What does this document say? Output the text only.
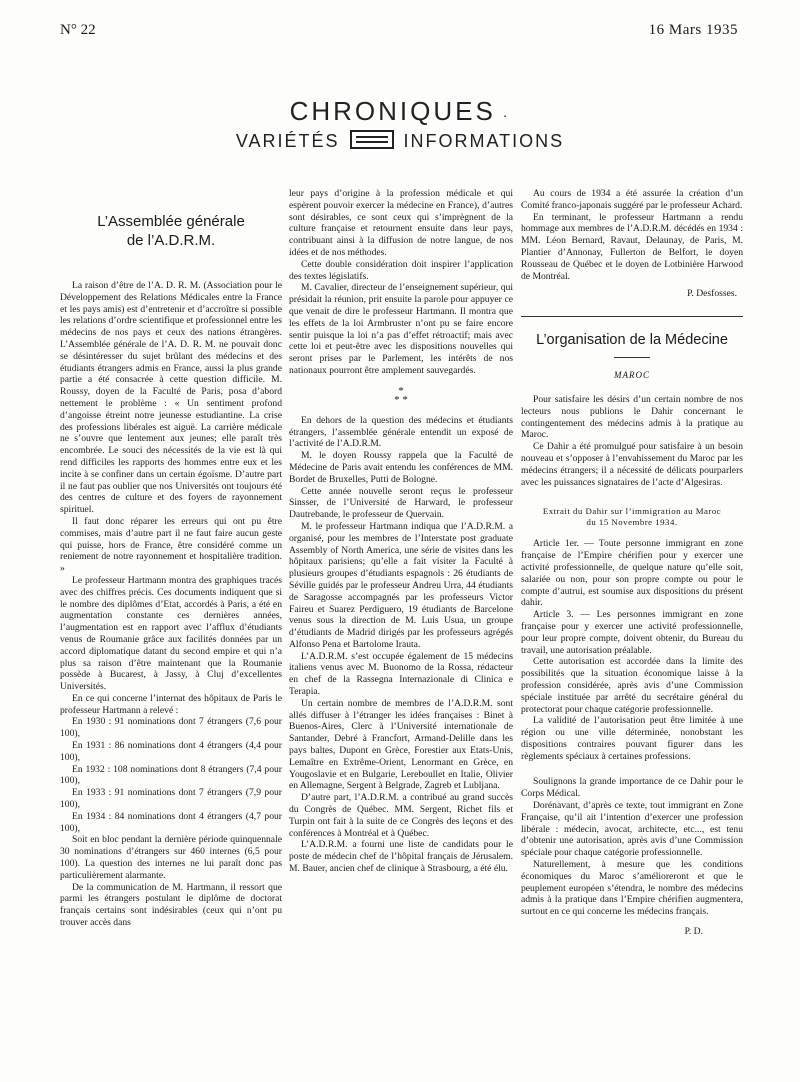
N° 22	16 Mars 1935
CHRONIQUES ·
VARIÉTÉS	INFORMATIONS
L’Assemblée générale
de l’A.D.R.M.

La raison d’être de l’A. D. R. M. (Association pour le Développement des Relations Médicales entre la France et les pays amis) est d’entretenir et d’accroître si possible les relations d’ordre scientifique et professionnel entre les médecins de nos pays et ceux des nations étrangères. L’Assemblée générale de l’A. D. R. M. ne pouvait donc se désintéresser du sujet brûlant des médecins et des étudiants étrangers admis en France, aussi la plus grande partie a été consacrée à cette question difficile. M. Roussy, doyen de la Faculté de Paris, posa d’abord nettement le problème : « Un sentiment profond d’angoisse étreint notre jeunesse estudiantine. La crise des professions libérales est aiguë. La carrière médicale ne s’ouvre que lentement aux jeunes; elle paraît très encombrée. Le souci des nécessités de la vie est là qui rend difficiles les rapports des hommes entre eux et les incite à se confiner dans un certain égoïsme. D’autre part il ne faut pas oublier que nos Universités ont toujours été des centres de culture et des foyers de rayonnement spirituel.

Il faut donc réparer les erreurs qui ont pu être commises, mais d’autre part il ne faut faire aucun geste qui puisse, hors de France, être considéré comme un reniement de notre rayonnement et hospitalière tradition. »

Le professeur Hartmann montra des graphiques tracés avec des chiffres précis. Ces documents indiquent que si le nombre des diplômes d’Etat, accordés à Paris, a été en augmentation constante ces dernières années, l’augmentation est en rapport avec l’afflux d’étudiants venus de Roumanie grâce aux facilités données par un accord diplomatique datant du second empire et qui n’a plus sa raison d’être maintenant que la Roumanie possède à Bucarest, à Jassy, à Cluj d’excellentes Universités.

En ce qui concerne l’internat des hôpitaux de Paris le professeur Hartmann a relevé :

En 1930 : 91 nominations dont 7 étrangers (7,6 pour 100),

En 1931 : 86 nominations dont 4 étrangers (4,4 pour 100),

En 1932 : 108 nominations dont 8 étrangers (7,4 pour 100),

En 1933 : 91 nominations dont 7 étrangers (7,9 pour 100),

En 1934 : 84 nominations dont 4 étrangers (4,7 pour 100),

Soit en bloc pendant la dernière période quinquennale 30 nominations d’étrangers sur 460 internes (6,5 pour 100). La question des internes ne lui paraît donc pas particulièrement alarmante.

De la communication de M. Hartmann, il ressort que parmi les étrangers postulant le diplôme de doctorat français certains sont indésirables (ceux qui n’ont pu trouver accès dans

leur pays d’origine à la profession médicale et qui espèrent pouvoir exercer la médecine en France), d’autres sont désirables, ce sont ceux qui s’imprègnent de la culture française et retournent ensuite dans leur pays, contribuant ainsi à la diffusion de notre langue, de nos idées et de nos méthodes.

Cette double considération doit inspirer l’application des textes législatifs.

M. Cavalier, directeur de l’enseignement supérieur, qui présidait la réunion, prit ensuite la parole pour appuyer ce que venait de dire le professeur Hartmann. Il montra que les effets de la loi Armbruster n’ont pu se faire encore sentir puisque la loi n’a pas d’effet rétroactif; mais avec cette loi et peut-être avec les dispositions nouvelles qui seront prises par le Parlement, les intérêts de nos nationaux pourront être amplement sauvegardés.

*
* *

En dehors de la question des médecins et étudiants étrangers, l’assemblée générale entendit un exposé de l’activité de l’A.D.R.M.

M. le doyen Roussy rappela que la Faculté de Médecine de Paris avait entendu les conférences de MM. Bordet de Bruxelles, Putti de Bologne.

Cette année nouvelle seront reçus le professeur Sinsser, de l’Université de Harward, le professeur Dautrebande, le professeur de Quervain.

M. le professeur Hartmann indiqua que l’A.D.R.M. a organisé, pour les membres de l’Interstate post graduate Assembly of North America, une série de visites dans les hôpitaux parisiens; qu’elle a fait visiter la Faculté à plusieurs groupes d’étudiants espagnols : 26 étudiants de Séville guidés par le professeur Andreu Urra, 44 étudiants de Saragosse accompagnés par les professeurs Victor Faireu et Suarez Perdiguero, 19 étudiants de Barcelone venus sous la direction de M. Luis Usua, un groupe d’étudiants de Madrid dirigés par les professeurs agrégés Alfonso Pena et Bartolome Irauta.

L’A.D.R.M. s’est occupée également de 15 médecins italiens venus avec M. Buonomo de la Rossa, rédacteur en chef de la Rassegna Internazionale di Clinica e Terapia.

Un certain nombre de membres de l’A.D.R.M. sont allés diffuser à l’étranger les idées françaises : Binet à Buenos-Aires, Clerc à l’Université internationale de Santander, Debré à Francfort, Armand-Delille dans les pays baltes, Dupont en Grèce, Forestier aux Etats-Unis, Lemaître en Extrême-Orient, Lenormant en Grèce, en Yougoslavie et en Bulgarie, Lereboullet en Italie, Olivier en Allemagne, Sergent à Belgrade, Zagreb et Lubljana.

D’autre part, l’A.D.R.M. a contribué au grand succès du Congrès de Québec. MM. Sergent, Richet fils et Turpin ont fait à la suite de ce Congrès des leçons et des conférences à Montréal et à Québec.

L’A.D.R.M. a fourni une liste de candidats pour le poste de médecin chef de l’hôpital français de Jérusalem. M. Bauer, ancien chef de clinique à Strasbourg, a été élu.

Au cours de 1934 a été assurée la création d’un Comité franco-japonais suggéré par le professeur Achard.

En terminant, le professeur Hartmann a rendu hommage aux membres de l’A.D.R.M. décédés en 1934 : MM. Léon Bernard, Ravaut, Delaunay, de Paris, M. Plantier d’Annonay, Fullerton de Belfort, le doyen Rousseau de Québec et le doyen de Lotbinière Harwood de Montréal.

P. Desfosses.
L’organisation de la Médecine
MAROC

Pour satisfaire les désirs d’un certain nombre de nos lecteurs nous publions le Dahir concernant le contingentement des médecins admis à la pratique au Maroc.

Ce Dahir a été promulgué pour satisfaire à un besoin nouveau et s’opposer à l’envahissement du Maroc par les médecins étrangers; il a nécessité de délicats pourparlers avec les puissances signataires de l’acte d’Algesiras.

Extrait du Dahir sur l’immigration au Maroc
du 15 Novembre 1934.

Article 1er. — Toute personne immigrant en zone française de l’Empire chérifien pour y exercer une activité professionnelle, de quelque nature qu’elle soit, salariée ou non, pour son propre compte ou pour le compte d’autrui, est soumise aux dispositions du présent dahir.

Article 3. — Les personnes immigrant en zone française pour y exercer une activité professionnelle, pour leur propre compte, doivent obtenir, du Bureau du travail, une autorisation préalable.

Cette autorisation est accordée dans la limite des possibilités que la situation économique laisse à la profession considérée, après avis d’une Commission spéciale instituée par arrêté du secrétaire général du protectorat pour chaque catégorie professionnelle.

La validité de l’autorisation peut être limitée à une région ou une ville déterminée, nonobstant les dispositions contraires pouvant figurer dans les règlements spéciaux à certaines professions.

Soulignons la grande importance de ce Dahir pour le Corps Médical.

Dorénavant, d’après ce texte, tout immigrant en Zone Française, qu’il ait l’intention d’exercer une profession libérale : médecin, avocat, architecte, etc..., est tenu d’obtenir une autorisation, après avis d’une Commission spéciale pour chaque catégorie professionnelle.

Naturellement, à mesure que les conditions économiques du Maroc s’amélioreront et que le peuplement européen s’étendra, le nombre des médecins admis à la pratique dans l’Empire chérifien augmentera, surtout en ce qui concerne les médecins français.

P. D.
